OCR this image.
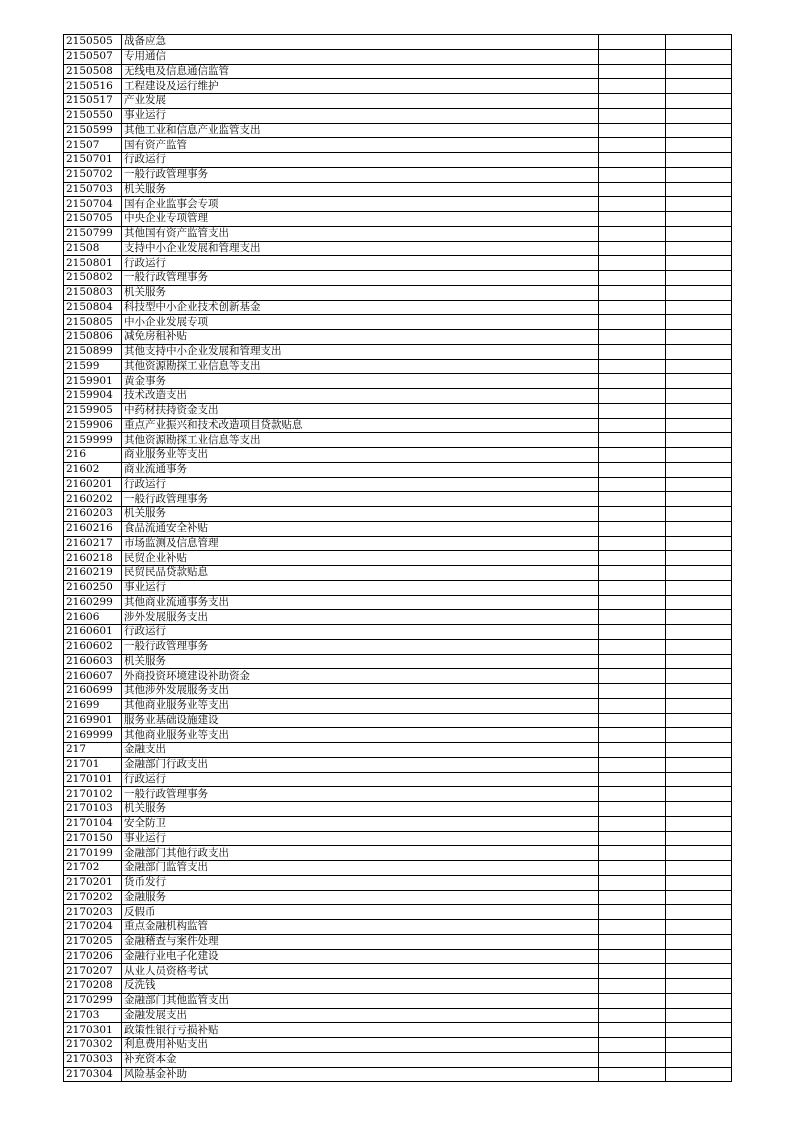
2150505	战备应急		
2150507	专用通信		
2150508	无线电及信息通信监管		
2150516	工程建设及运行维护		
2150517	产业发展		
2150550	事业运行		
2150599	其他工业和信息产业监管支出		
21507	国有资产监管		
2150701	行政运行		
2150702	一般行政管理事务		
2150703	机关服务		
2150704	国有企业监事会专项		
2150705	中央企业专项管理		
2150799	其他国有资产监管支出		
21508	支持中小企业发展和管理支出		
2150801	行政运行		
2150802	一般行政管理事务		
2150803	机关服务		
2150804	科技型中小企业技术创新基金		
2150805	中小企业发展专项		
2150806	减免房租补贴		
2150899	其他支持中小企业发展和管理支出		
21599	其他资源勘探工业信息等支出		
2159901	黄金事务		
2159904	技术改造支出		
2159905	中药材扶持资金支出		
2159906	重点产业振兴和技术改造项目贷款贴息		
2159999	其他资源勘探工业信息等支出		
216	商业服务业等支出		
21602	商业流通事务		
2160201	行政运行		
2160202	一般行政管理事务		
2160203	机关服务		
2160216	食品流通安全补贴		
2160217	市场监测及信息管理		
2160218	民贸企业补贴		
2160219	民贸民品贷款贴息		
2160250	事业运行		
2160299	其他商业流通事务支出		
21606	涉外发展服务支出		
2160601	行政运行		
2160602	一般行政管理事务		
2160603	机关服务		
2160607	外商投资环境建设补助资金		
2160699	其他涉外发展服务支出		
21699	其他商业服务业等支出		
2169901	服务业基础设施建设		
2169999	其他商业服务业等支出		
217	金融支出		
21701	金融部门行政支出		
2170101	行政运行		
2170102	一般行政管理事务		
2170103	机关服务		
2170104	安全防卫		
2170150	事业运行		
2170199	金融部门其他行政支出		
21702	金融部门监管支出		
2170201	货币发行		
2170202	金融服务		
2170203	反假币		
2170204	重点金融机构监管		
2170205	金融稽查与案件处理		
2170206	金融行业电子化建设		
2170207	从业人员资格考试		
2170208	反洗钱		
2170299	金融部门其他监管支出		
21703	金融发展支出		
2170301	政策性银行亏损补贴		
2170302	利息费用补贴支出		
2170303	补充资本金		
2170304	风险基金补助		
